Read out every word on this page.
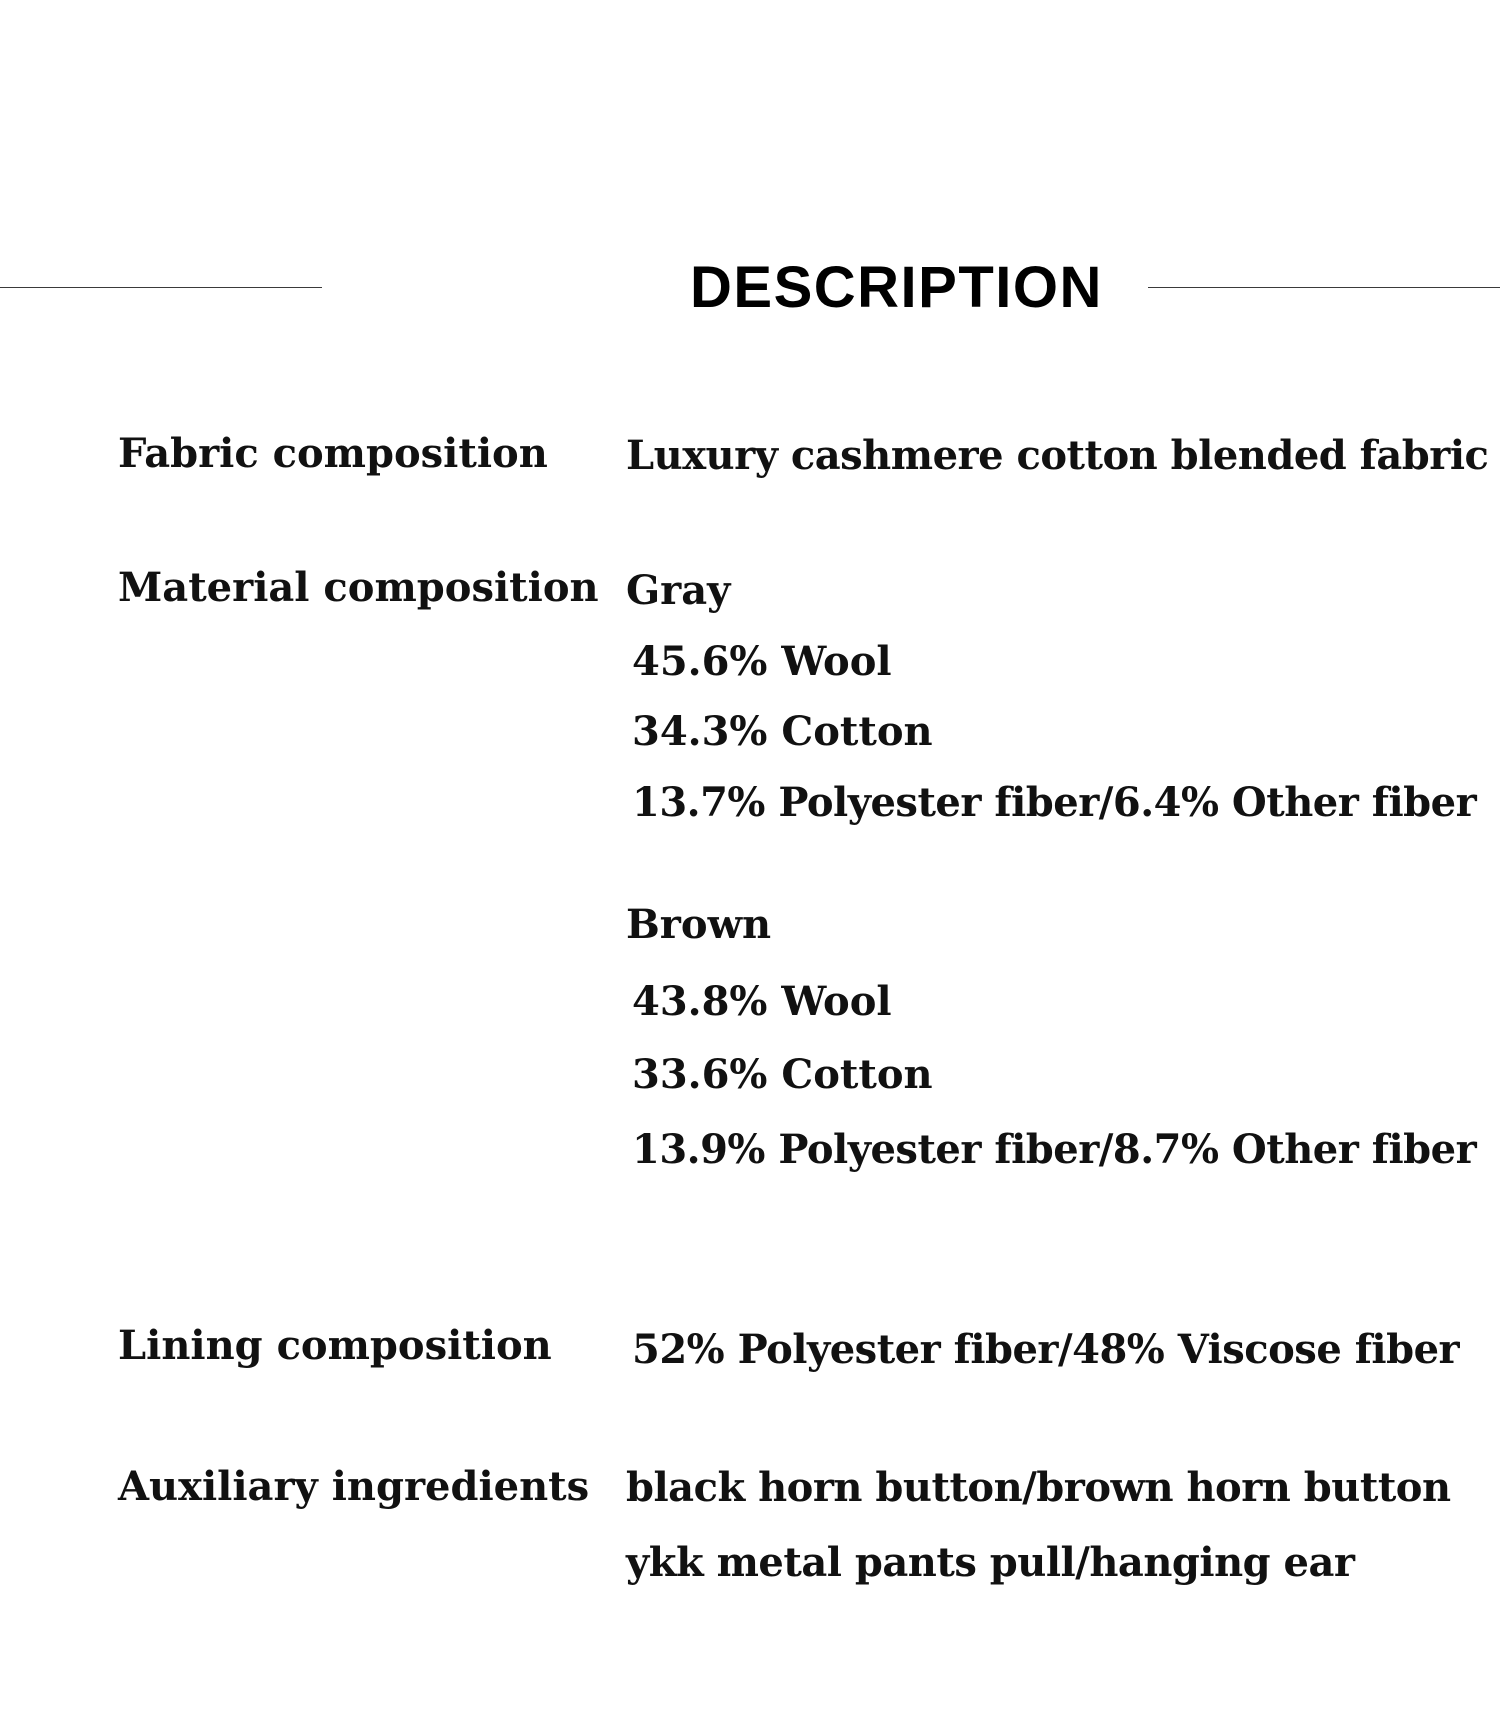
DESCRIPTION
Fabric composition Luxury cashmere cotton blended fabric
Material composition Gray
45.6% Wool
34.3% Cotton
13.7% Polyester fiber/6.4% Other fiber
Brown
43.8% Wool
33.6% Cotton
13.9% Polyester fiber/8.7% Other fiber
Lining composition 52% Polyester fiber/48% Viscose fiber
Auxiliary ingredients black horn button/brown horn button
ykk metal pants pull/hanging ear
